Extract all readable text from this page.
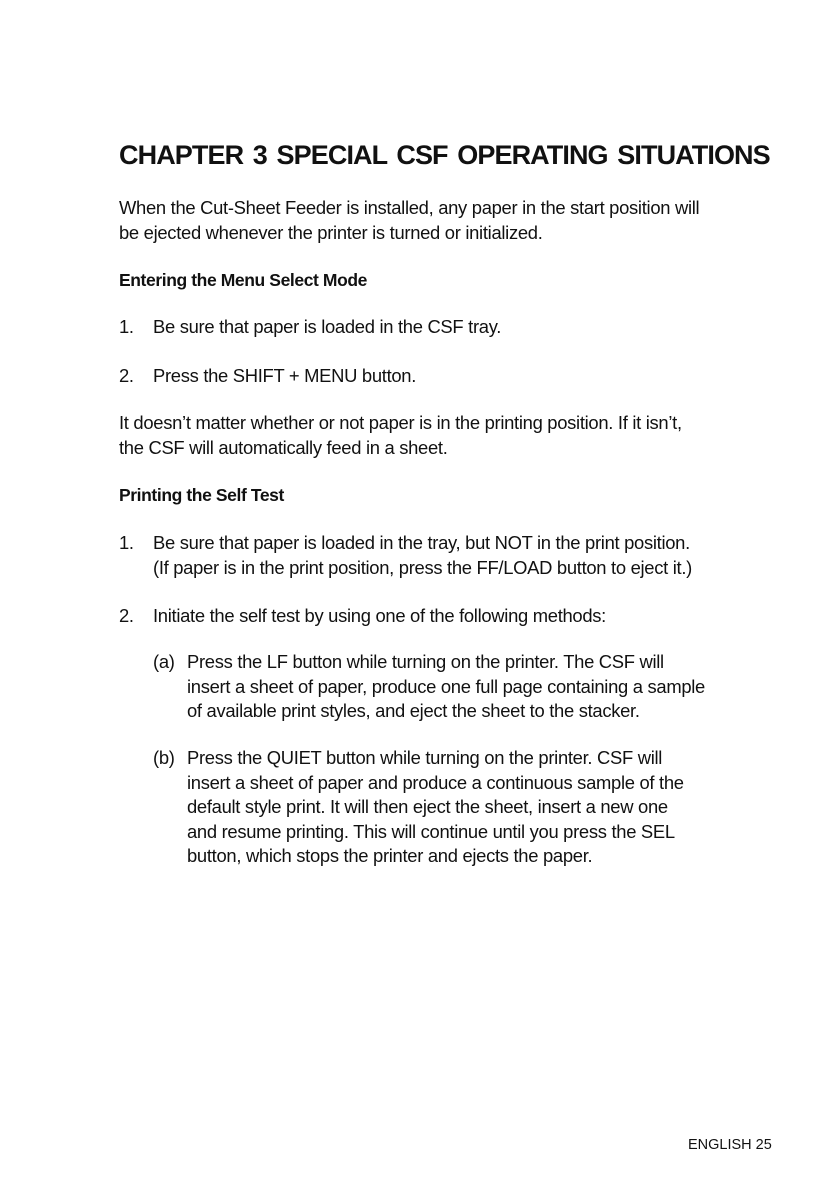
CHAPTER 3 SPECIAL CSF OPERATING SITUATIONS

When the Cut-Sheet Feeder is installed, any paper in the start position will
be ejected whenever the printer is turned or initialized.

Entering the Menu Select Mode
1. Be sure that paper is loaded in the CSF tray.
2. Press the SHIFT + MENU button.

It doesn’t matter whether or not paper is in the printing position. If it isn’t,
the CSF will automatically feed in a sheet.

Printing the Self Test
1. Be sure that paper is loaded in the tray, but NOT in the print position.
(If paper is in the print position, press the FF/LOAD button to eject it.)
2. Initiate the self test by using one of the following methods:
(a) Press the LF button while turning on the printer. The CSF will
insert a sheet of paper, produce one full page containing a sample
of available print styles, and eject the sheet to the stacker.
(b) Press the QUIET button while turning on the printer. CSF will
insert a sheet of paper and produce a continuous sample of the
default style print. It will then eject the sheet, insert a new one
and resume printing. This will continue until you press the SEL
button, which stops the printer and ejects the paper.
ENGLISH 25
